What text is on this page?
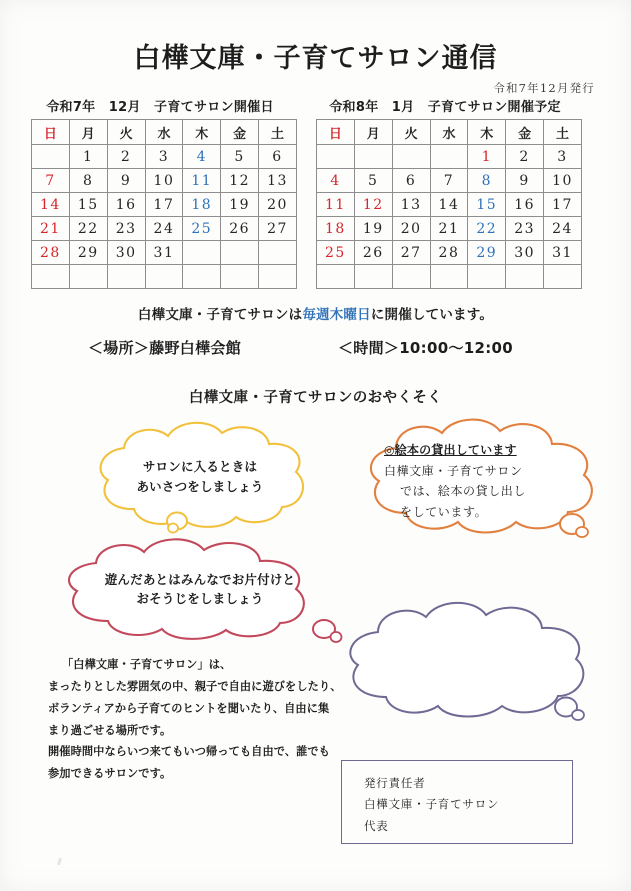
白樺文庫・子育てサロン通信
令和7年12月発行
令和7年　12月　子育てサロン開催日
日	月	火	水	木	金	土
	1	2	3	4	5	6
7	8	9	10	11	12	13
14	15	16	17	18	19	20
21	22	23	24	25	26	27
28	29	30	31			

令和8年　1月　子育てサロン開催予定
日	月	火	水	木	金	土
				1	2	3
4	5	6	7	8	9	10
11	12	13	14	15	16	17
18	19	20	21	22	23	24
25	26	27	28	29	30	31

白樺文庫・子育てサロンは毎週木曜日に開催しています。
＜場所＞藤野白樺会館	＜時間＞10:00～12:00
白樺文庫・子育てサロンのおやくそく
サロンに入るときは
あいさつをしましょう
◎絵本の貸出しています
白樺文庫・子育てサロン
では、絵本の貸し出し
をしています。
遊んだあとはみんなでお片付けと
おそうじをしましょう
「白樺文庫・子育てサロン」は、
まったりとした雰囲気の中、親子で自由に遊びをしたり、
ボランティアから子育てのヒントを聞いたり、自由に集
まり過ごせる場所です。
開催時間中ならいつ来てもいつ帰っても自由で、誰でも
参加できるサロンです。
発行責任者
白樺文庫・子育てサロン
代表
